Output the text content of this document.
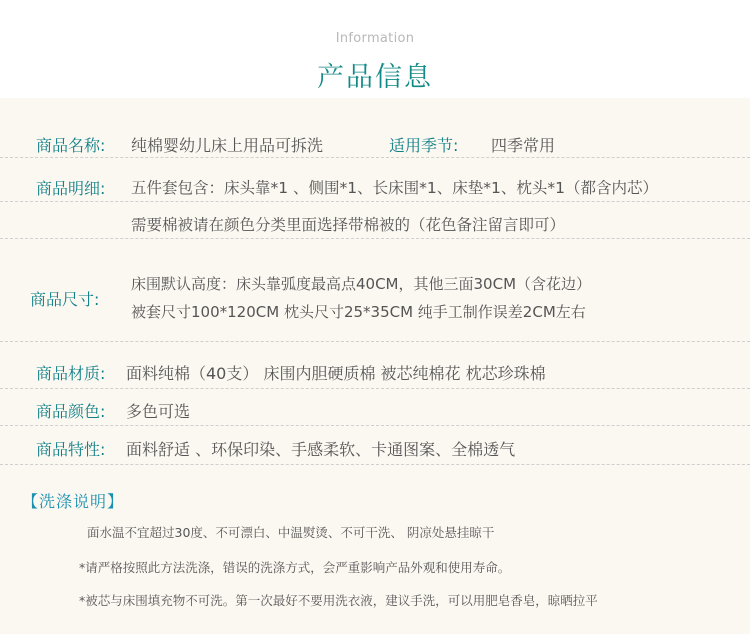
Information
产品信息
商品名称: 纯棉婴幼儿床上用品可拆洗	适用季节: 四季常用
商品明细: 五件套包含：床头靠*1 、侧围*1、长床围*1、床垫*1、枕头*1（都含内芯）
需要棉被请在颜色分类里面选择带棉被的（花色备注留言即可）
商品尺寸:
床围默认高度：床头靠弧度最高点40CM，其他三面30CM（含花边）
被套尺寸100*120CM 枕头尺寸25*35CM 纯手工制作误差2CM左右
商品材质: 面料纯棉（40支） 床围内胆硬质棉 被芯纯棉花 枕芯珍珠棉
商品颜色: 多色可选
商品特性: 面料舒适 、环保印染、手感柔软、卡通图案、全棉透气
【洗涤说明】
面水温不宜超过30度、不可漂白、中温熨烫、不可干洗、 阴凉处悬挂晾干
*请严格按照此方法洗涤，错误的洗涤方式，会严重影响产品外观和使用寿命。
*被芯与床围填充物不可洗。第一次最好不要用洗衣液，建议手洗，可以用肥皂香皂，晾晒拉平
